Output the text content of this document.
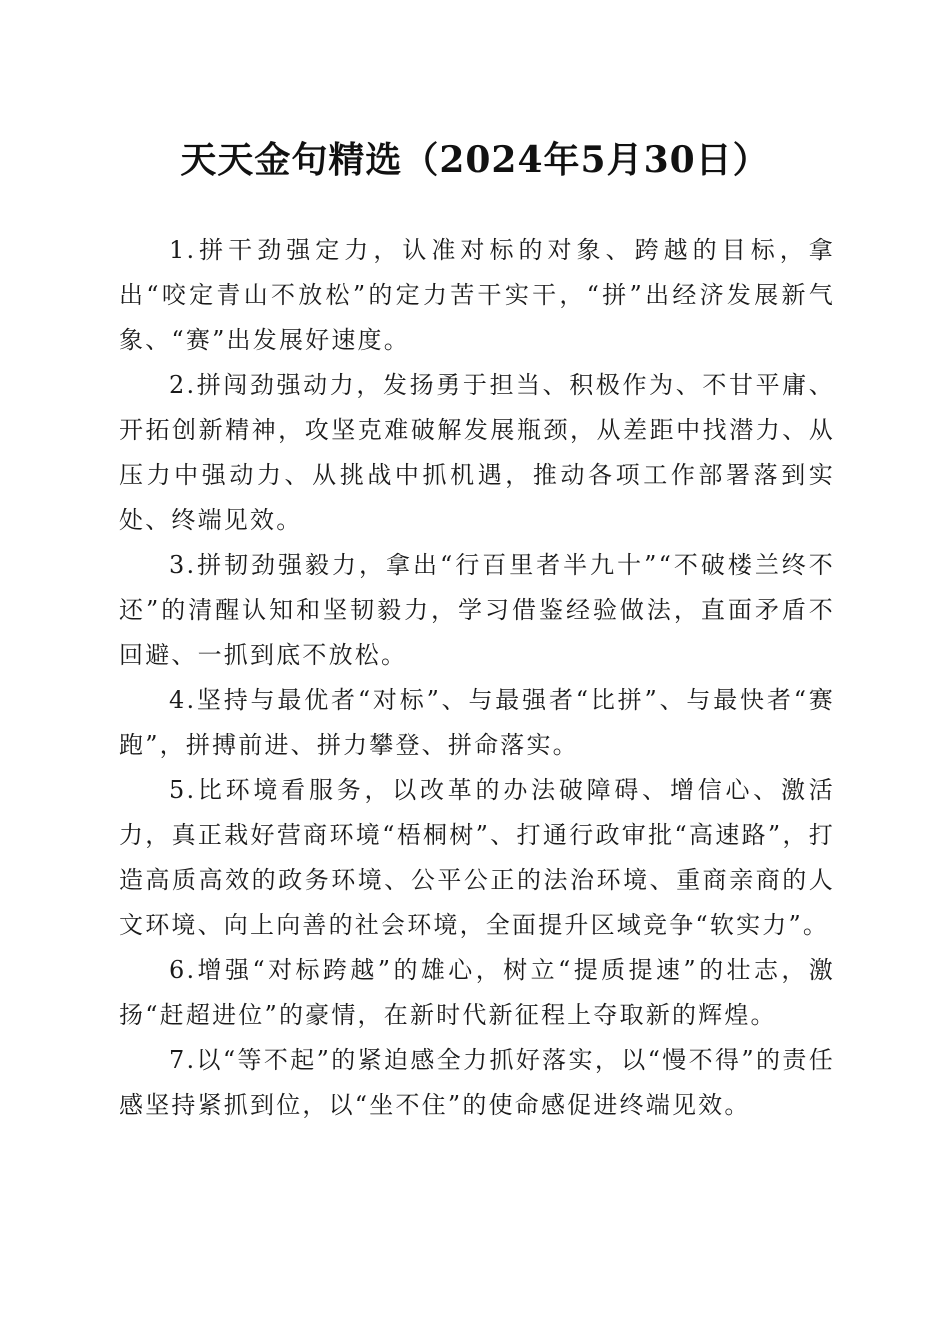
天天金句精选（2024年5月30日）

1.拼干劲强定力，认准对标的对象、跨越的目标，拿出“咬定青山不放松”的定力苦干实干，“拼”出经济发展新气象、“赛”出发展好速度。

2.拼闯劲强动力，发扬勇于担当、积极作为、不甘平庸、开拓创新精神，攻坚克难破解发展瓶颈，从差距中找潜力、从压力中强动力、从挑战中抓机遇，推动各项工作部署落到实处、终端见效。

3.拼韧劲强毅力，拿出“行百里者半九十”“不破楼兰终不还”的清醒认知和坚韧毅力，学习借鉴经验做法，直面矛盾不回避、一抓到底不放松。

4.坚持与最优者“对标”、与最强者“比拼”、与最快者“赛跑”，拼搏前进、拼力攀登、拼命落实。

5.比环境看服务，以改革的办法破障碍、增信心、激活力，真正栽好营商环境“梧桐树”、打通行政审批“高速路”，打造高质高效的政务环境、公平公正的法治环境、重商亲商的人文环境、向上向善的社会环境，全面提升区域竞争“软实力”。

6.增强“对标跨越”的雄心，树立“提质提速”的壮志，激扬“赶超进位”的豪情，在新时代新征程上夺取新的辉煌。

7.以“等不起”的紧迫感全力抓好落实，以“慢不得”的责任感坚持紧抓到位，以“坐不住”的使命感促进终端见效。
